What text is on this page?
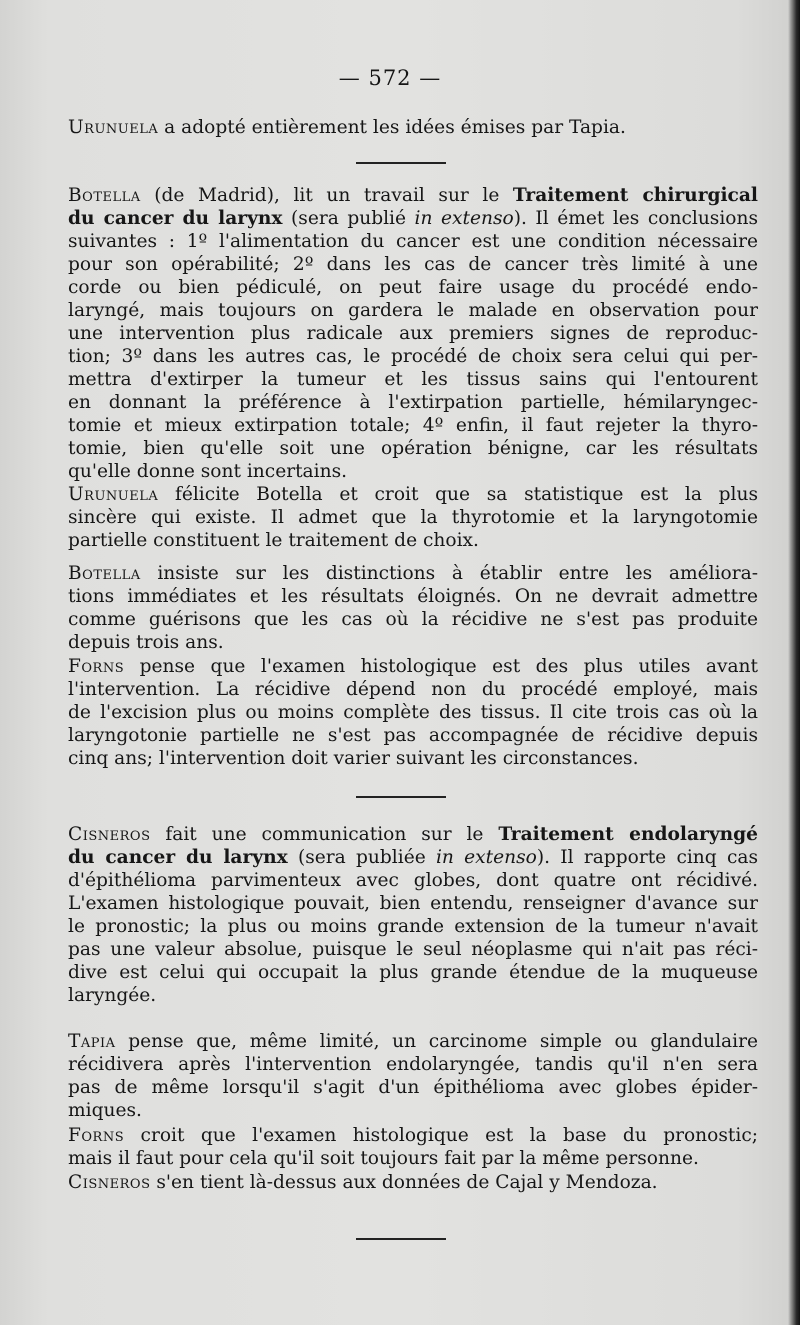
— 572 —
Urunuela a adopté entièrement les idées émises par Tapia.
Botella (de Madrid), lit un travail sur le Traitement chirurgical
du cancer du larynx (sera publié in extenso). Il émet les conclusions
suivantes : 1º l'alimentation du cancer est une condition nécessaire
pour son opérabilité; 2º dans les cas de cancer très limité à une
corde ou bien pédiculé, on peut faire usage du procédé endo-
laryngé, mais toujours on gardera le malade en observation pour
une intervention plus radicale aux premiers signes de reproduc-
tion; 3º dans les autres cas, le procédé de choix sera celui qui per-
mettra d'extirper la tumeur et les tissus sains qui l'entourent
en donnant la préférence à l'extirpation partielle, hémilaryngec-
tomie et mieux extirpation totale; 4º enfin, il faut rejeter la thyro-
tomie, bien qu'elle soit une opération bénigne, car les résultats
qu'elle donne sont incertains.
Urunuela félicite Botella et croit que sa statistique est la plus
sincère qui existe. Il admet que la thyrotomie et la laryngotomie
partielle constituent le traitement de choix.
Botella insiste sur les distinctions à établir entre les améliora-
tions immédiates et les résultats éloignés. On ne devrait admettre
comme guérisons que les cas où la récidive ne s'est pas produite
depuis trois ans.
Forns pense que l'examen histologique est des plus utiles avant
l'intervention. La récidive dépend non du procédé employé, mais
de l'excision plus ou moins complète des tissus. Il cite trois cas où la
laryngotonie partielle ne s'est pas accompagnée de récidive depuis
cinq ans; l'intervention doit varier suivant les circonstances.
Cisneros fait une communication sur le Traitement endolaryngé
du cancer du larynx (sera publiée in extenso). Il rapporte cinq cas
d'épithélioma parvimenteux avec globes, dont quatre ont récidivé.
L'examen histologique pouvait, bien entendu, renseigner d'avance sur
le pronostic; la plus ou moins grande extension de la tumeur n'avait
pas une valeur absolue, puisque le seul néoplasme qui n'ait pas réci-
dive est celui qui occupait la plus grande étendue de la muqueuse
laryngée.
Tapia pense que, même limité, un carcinome simple ou glandulaire
récidivera après l'intervention endolaryngée, tandis qu'il n'en sera
pas de même lorsqu'il s'agit d'un épithélioma avec globes épider-
miques.
Forns croit que l'examen histologique est la base du pronostic;
mais il faut pour cela qu'il soit toujours fait par la même personne.
Cisneros s'en tient là-dessus aux données de Cajal y Mendoza.
